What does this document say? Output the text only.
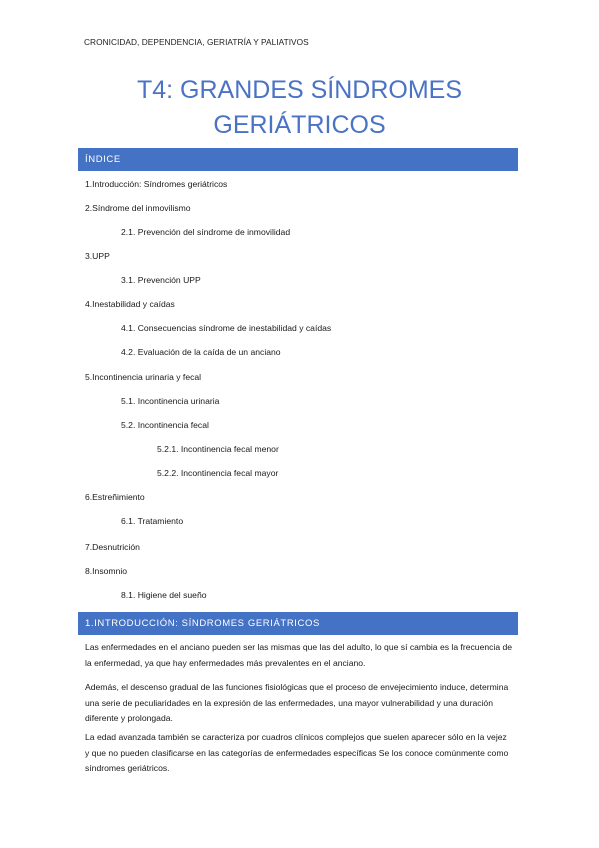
CRONICIDAD, DEPENDENCIA, GERIATRÍA Y PALIATIVOS
T4: GRANDES SÍNDROMES
GERIÁTRICOS
ÍNDICE
1.Introducción: Síndromes geriátricos
2.Síndrome del inmovilismo
2.1. Prevención del síndrome de inmovilidad
3.UPP
3.1. Prevención UPP
4.Inestabilidad y caídas
4.1. Consecuencias síndrome de inestabilidad y caídas
4.2. Evaluación de la caída de un anciano
5.Incontinencia urinaria y fecal
5.1. Incontinencia urinaria
5.2. Incontinencia fecal
5.2.1. Incontinencia fecal menor
5.2.2. Incontinencia fecal mayor
6.Estreñimiento
6.1. Tratamiento
7.Desnutrición
8.Insomnio
8.1. Higiene del sueño
1.INTRODUCCIÓN: SÍNDROMES GERIÁTRICOS

Las enfermedades en el anciano pueden ser las mismas que las del adulto, lo que sí cambia es la frecuencia de la enfermedad, ya que hay enfermedades más prevalentes en el anciano.

Además, el descenso gradual de las funciones fisiológicas que el proceso de envejecimiento induce, determina una serie de peculiaridades en la expresión de las enfermedades, una mayor vulnerabilidad y una duración diferente y prolongada.

La edad avanzada también se caracteriza por cuadros clínicos complejos que suelen aparecer sólo en la vejez y que no pueden clasificarse en las categorías de enfermedades específicas Se los conoce comúnmente como síndromes geriátricos.
